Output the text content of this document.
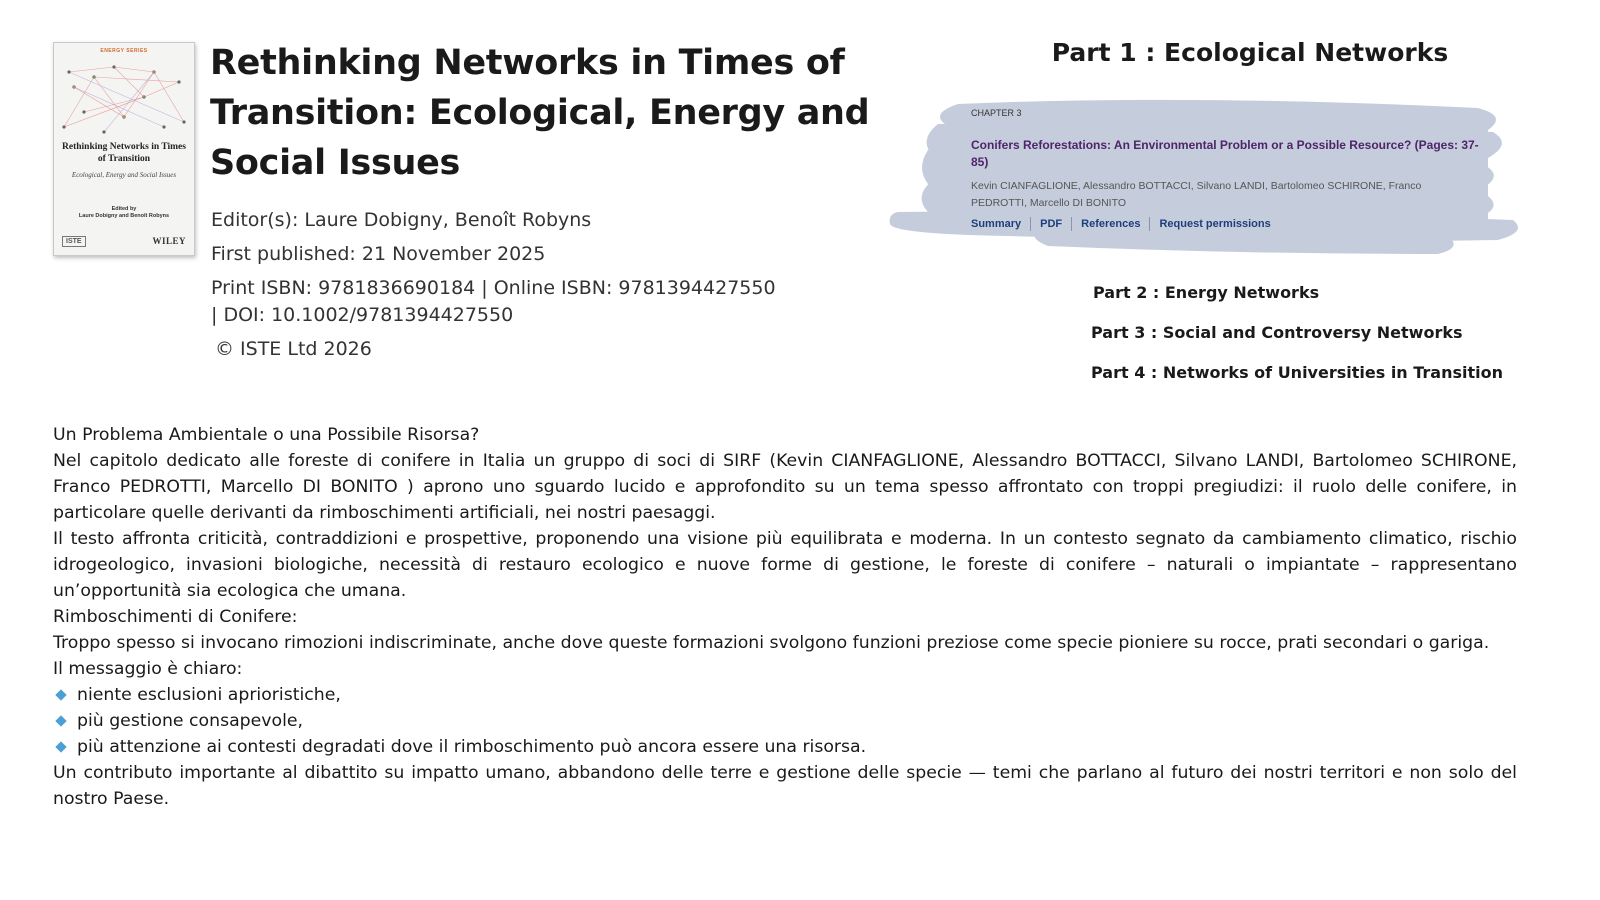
ENERGY SERIES
Rethinking Networks in Times of Transition
Ecological, Energy and Social Issues
Edited by
Laure Dobigny and Benoît Robyns
ISTE	WILEY
Rethinking Networks in Times of Transition: Ecological, Energy and Social Issues
Editor(s): Laure Dobigny, Benoît Robyns
First published: 21 November 2025
Print ISBN: 9781836690184 | Online ISBN: 9781394427550
| DOI: 10.1002/9781394427550
© ISTE Ltd 2026
Part 1 : Ecological Networks
CHAPTER 3
Conifers Reforestations: An Environmental Problem or a Possible Resource? (Pages: 37-85)
Kevin CIANFAGLIONE, Alessandro BOTTACCI, Silvano LANDI, Bartolomeo SCHIRONE, Franco PEDROTTI, Marcello DI BONITO
Summary	PDF	References	Request permissions
Part 2 : Energy Networks
Part 3 : Social and Controversy Networks
Part 4 : Networks of Universities in Transition

Un Problema Ambientale o una Possibile Risorsa?

Nel capitolo dedicato alle foreste di conifere in Italia un gruppo di soci di SIRF (Kevin CIANFAGLIONE, Alessandro BOTTACCI, Silvano LANDI, Bartolomeo SCHIRONE, Franco PEDROTTI, Marcello DI BONITO ) aprono uno sguardo lucido e approfondito su un tema spesso affrontato con troppi pregiudizi: il ruolo delle conifere, in particolare quelle derivanti da rimboschimenti artificiali, nei nostri paesaggi.

Il testo affronta criticità, contraddizioni e prospettive, proponendo una visione più equilibrata e moderna. In un contesto segnato da cambiamento climatico, rischio idrogeologico, invasioni biologiche, necessità di restauro ecologico e nuove forme di gestione, le foreste di conifere – naturali o impiantate – rappresentano un’opportunità sia ecologica che umana.

Rimboschimenti di Conifere:

Troppo spesso si invocano rimozioni indiscriminate, anche dove queste formazioni svolgono funzioni preziose come specie pioniere su rocce, prati secondari o gariga.

Il messaggio è chiaro:

niente esclusioni aprioristiche,
più gestione consapevole,
più attenzione ai contesti degradati dove il rimboschimento può ancora essere una risorsa.

Un contributo importante al dibattito su impatto umano, abbandono delle terre e gestione delle specie — temi che parlano al futuro dei nostri territori e non solo del nostro Paese.
